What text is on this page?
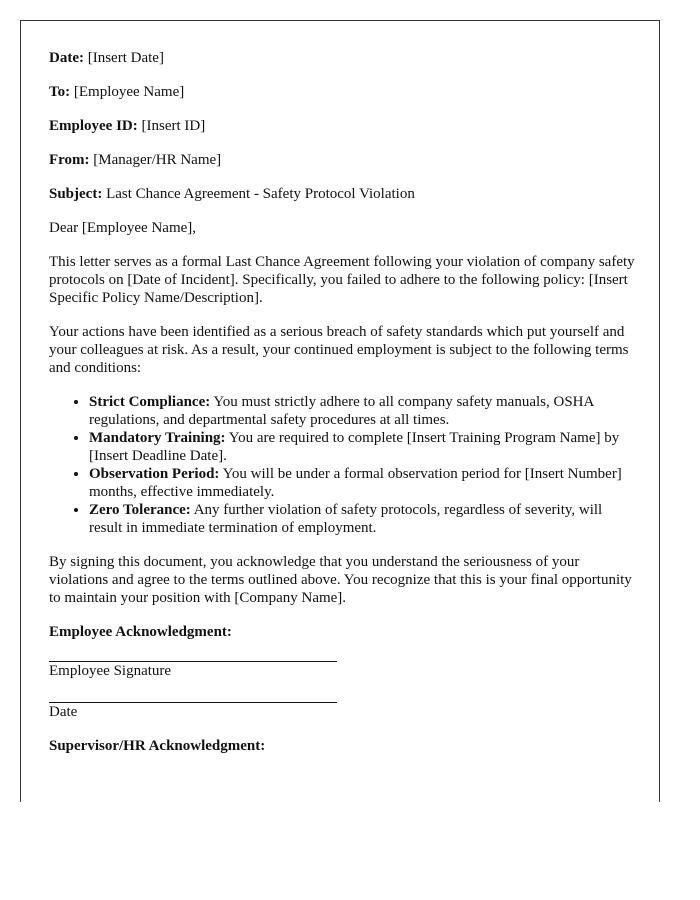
Date: [Insert Date]

To: [Employee Name]

Employee ID: [Insert ID]

From: [Manager/HR Name]

Subject: Last Chance Agreement - Safety Protocol Violation

Dear [Employee Name],

This letter serves as a formal Last Chance Agreement following your violation of company safety protocols on [Date of Incident]. Specifically, you failed to adhere to the following policy: [Insert Specific Policy Name/Description].

Your actions have been identified as a serious breach of safety standards which put yourself and your colleagues at risk. As a result, your continued employment is subject to the following terms and conditions:

• Strict Compliance: You must strictly adhere to all company safety manuals, OSHA regulations, and departmental safety procedures at all times.
• Mandatory Training: You are required to complete [Insert Training Program Name] by [Insert Deadline Date].
• Observation Period: You will be under a formal observation period for [Insert Number] months, effective immediately.
• Zero Tolerance: Any further violation of safety protocols, regardless of severity, will result in immediate termination of employment.

By signing this document, you acknowledge that you understand the seriousness of your violations and agree to the terms outlined above. You recognize that this is your final opportunity to maintain your position with [Company Name].

Employee Acknowledgment:

Employee Signature

Date

Supervisor/HR Acknowledgment:
